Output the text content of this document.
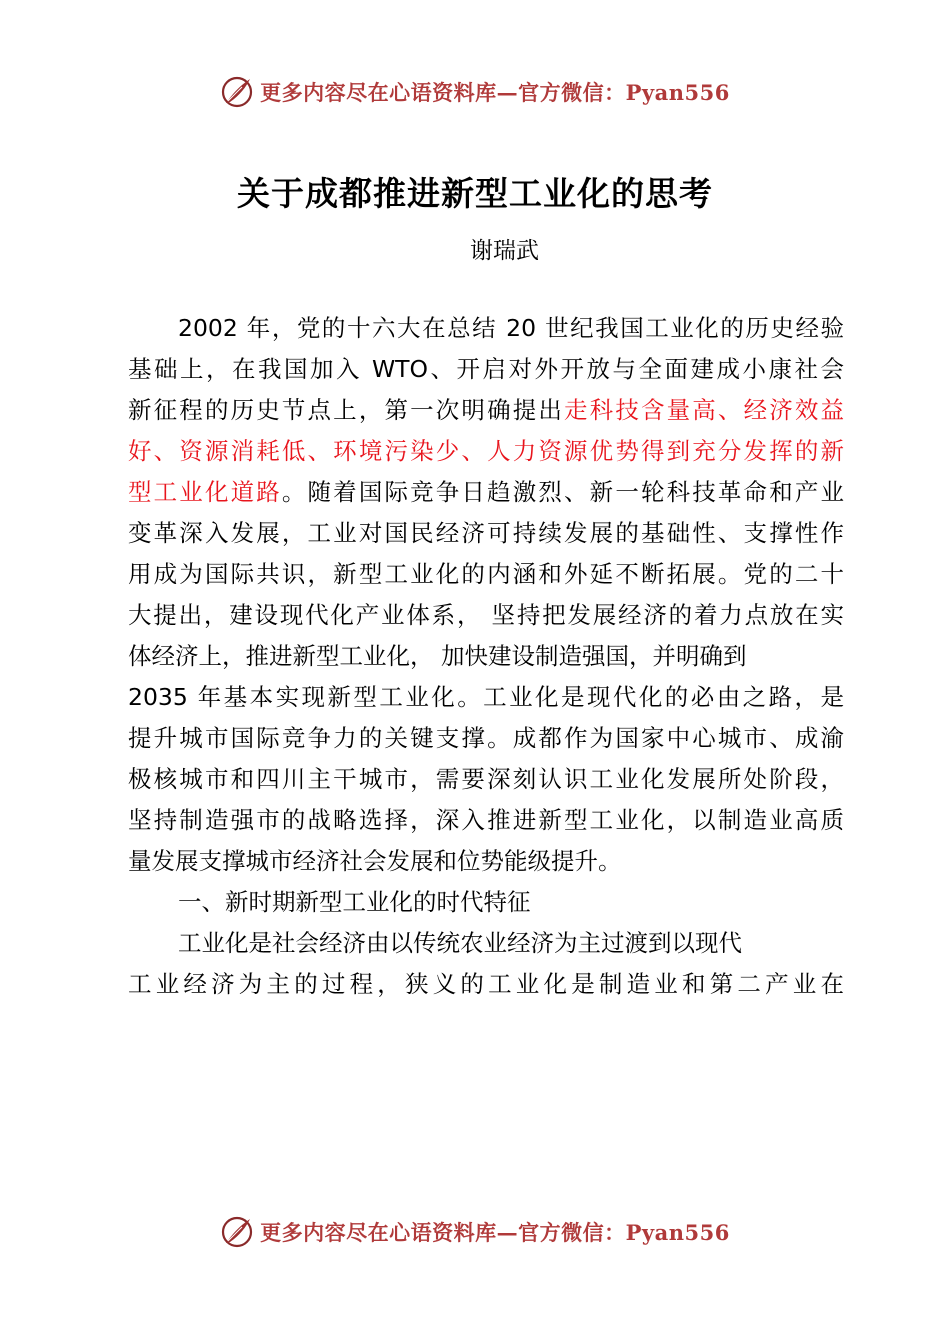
更多内容尽在心语资料库—官方微信：Pyan556
关于成都推进新型工业化的思考
谢瑞武
2002 年，党的十六大在总结 20 世纪我国工业化的历史经验
基础上，在我国加入 WTO、开启对外开放与全面建成小康社会
新征程的历史节点上，第一次明确提出走科技含量高、经济效益
好、资源消耗低、环境污染少、人力资源优势得到充分发挥的新
型工业化道路。随着国际竞争日趋激烈、新一轮科技革命和产业
变革深入发展，工业对国民经济可持续发展的基础性、支撑性作
用成为国际共识，新型工业化的内涵和外延不断拓展。党的二十
大提出，建设现代化产业体系， 坚持把发展经济的着力点放在实
体经济上，推进新型工业化， 加快建设制造强国，并明确到
2035 年基本实现新型工业化。工业化是现代化的必由之路，是
提升城市国际竞争力的关键支撑。成都作为国家中心城市、成渝
极核城市和四川主干城市，需要深刻认识工业化发展所处阶段，
坚持制造强市的战略选择，深入推进新型工业化，以制造业高质
量发展支撑城市经济社会发展和位势能级提升。
一、新时期新型工业化的时代特征
工业化是社会经济由以传统农业经济为主过渡到以现代
工业经济为主的过程，狭义的工业化是制造业和第二产业在
更多内容尽在心语资料库—官方微信：Pyan556
